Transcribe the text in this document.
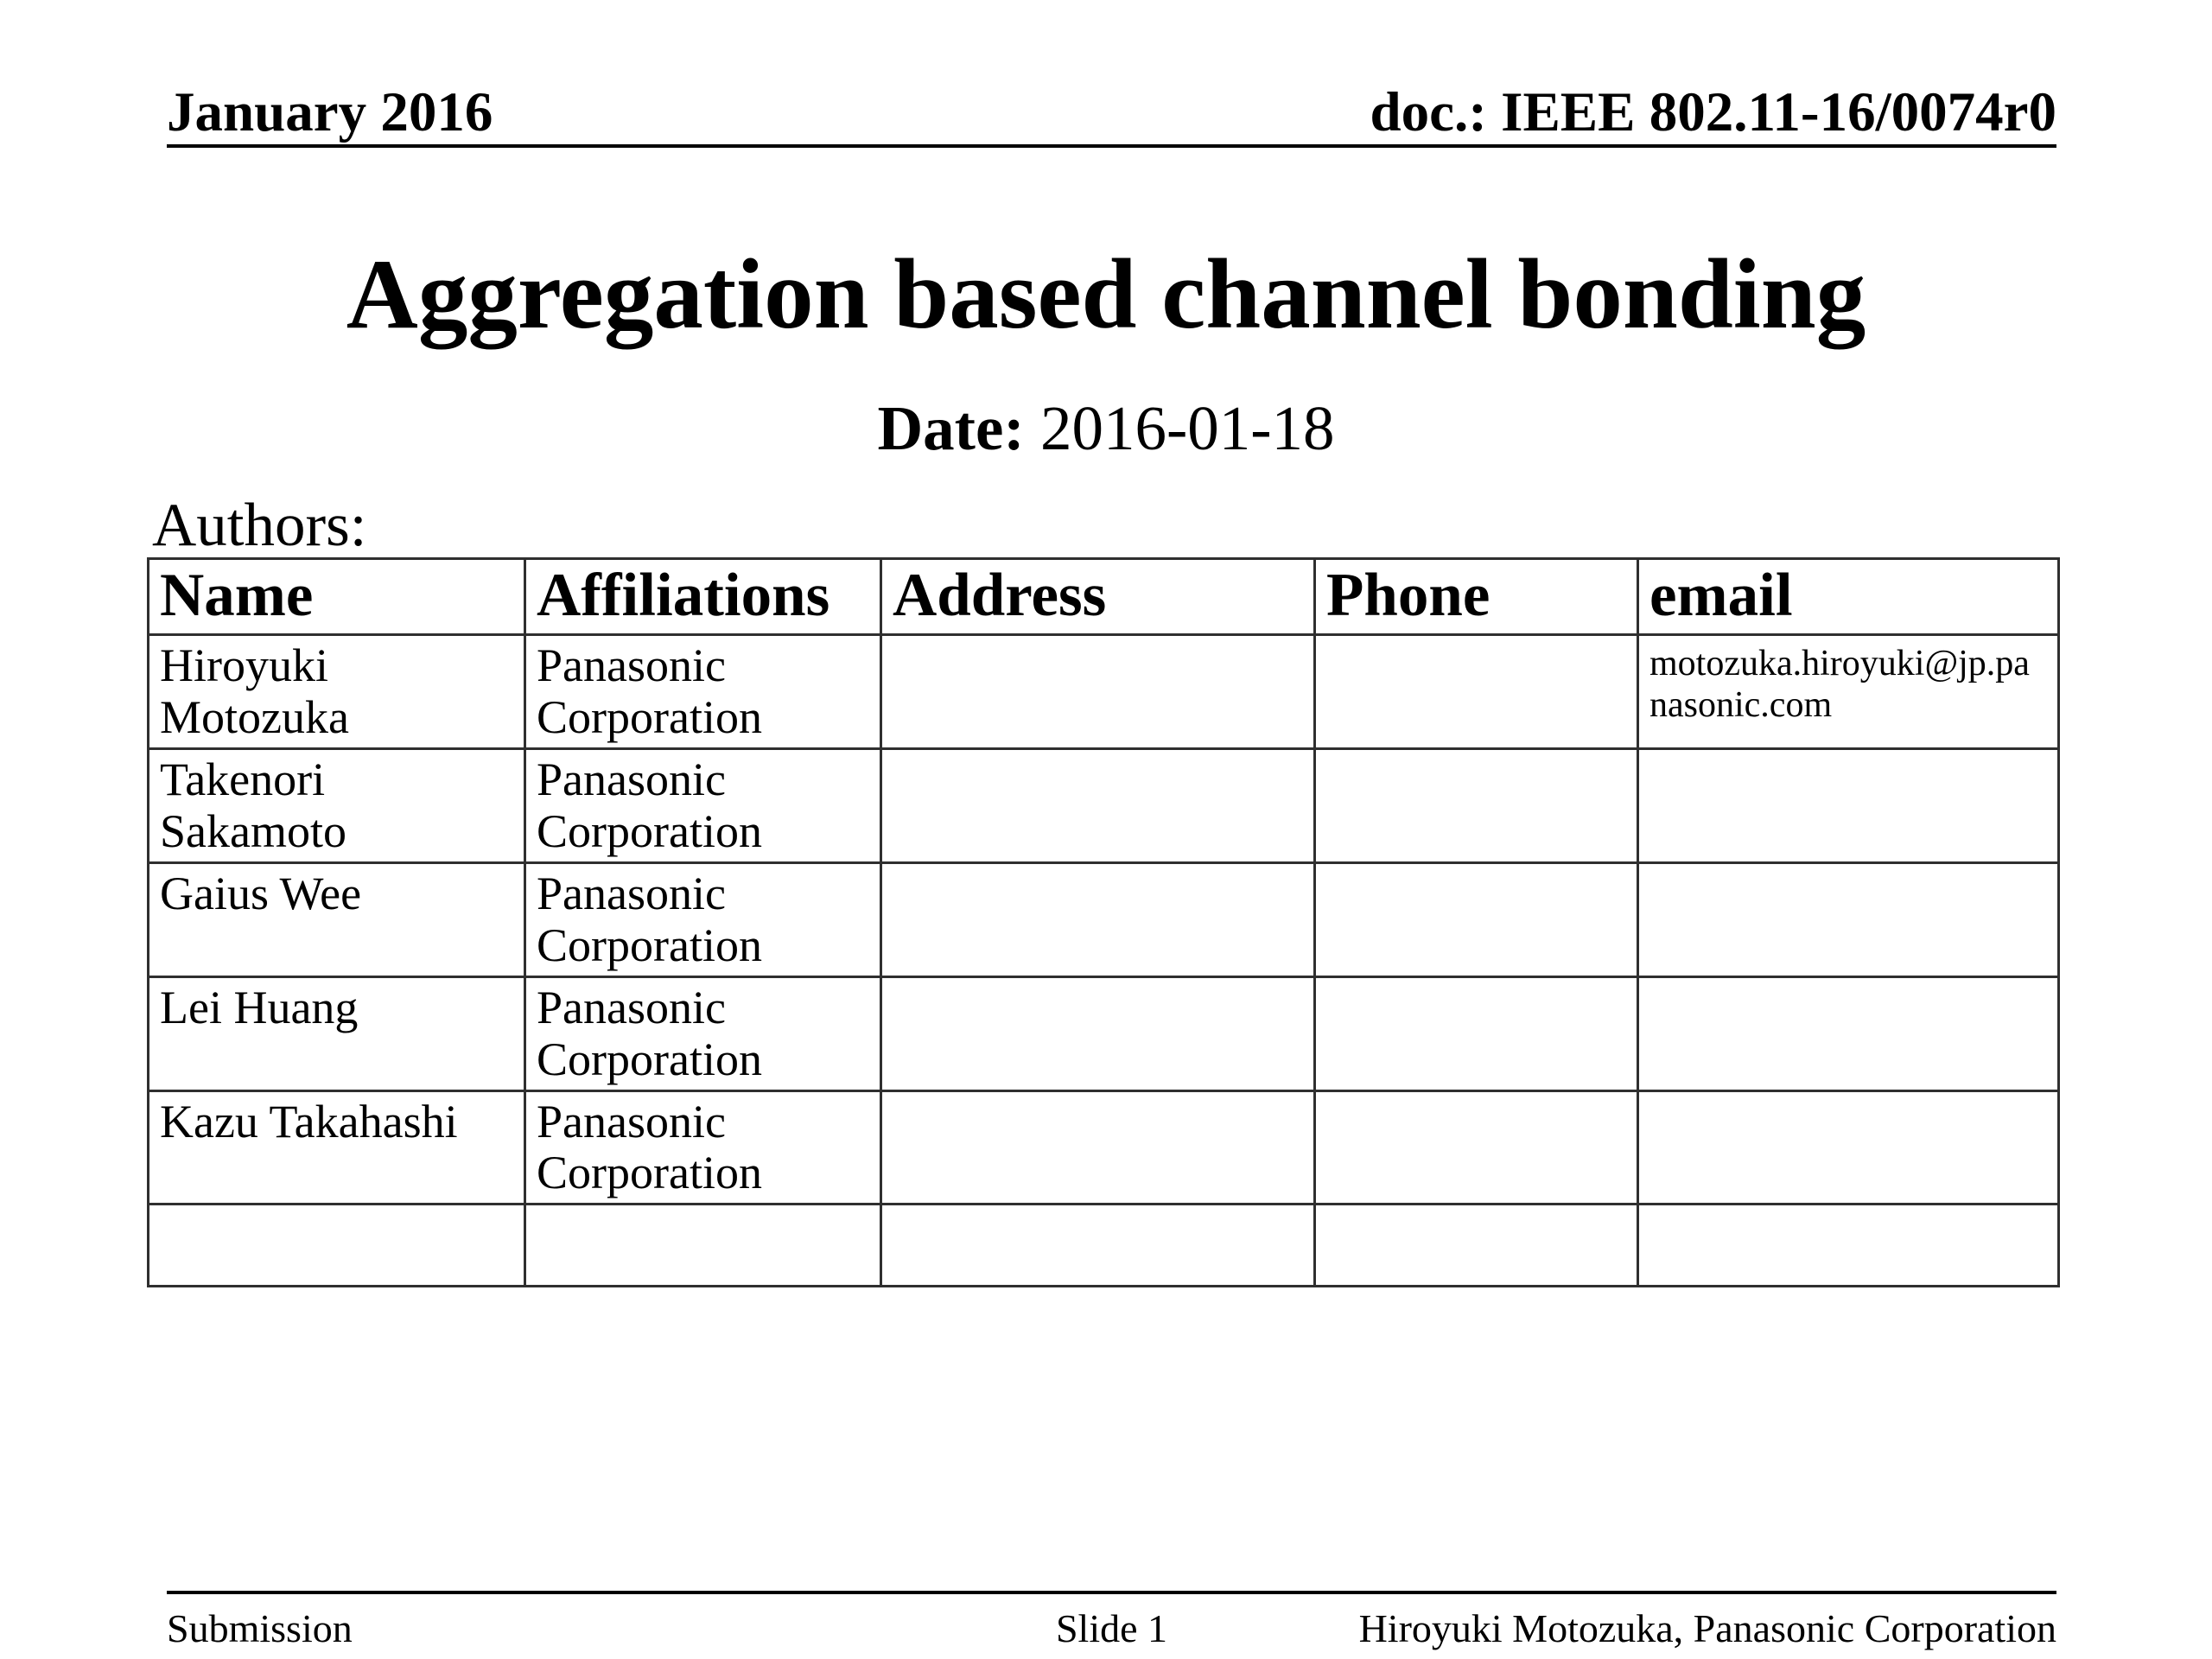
January 2016	doc.: IEEE 802.11-16/0074r0
Aggregation based channel bonding
Date: 2016-01-18
Authors:
Name	Affiliations	Address	Phone	email
Hiroyuki Motozuka	Panasonic Corporation			motozuka.hiroyuki@jp.panasonic.com
Takenori Sakamoto	Panasonic Corporation			
Gaius Wee	Panasonic Corporation			
Lei Huang	Panasonic Corporation			
Kazu Takahashi	Panasonic Corporation			

Submission	Slide 1	Hiroyuki Motozuka, Panasonic Corporation
